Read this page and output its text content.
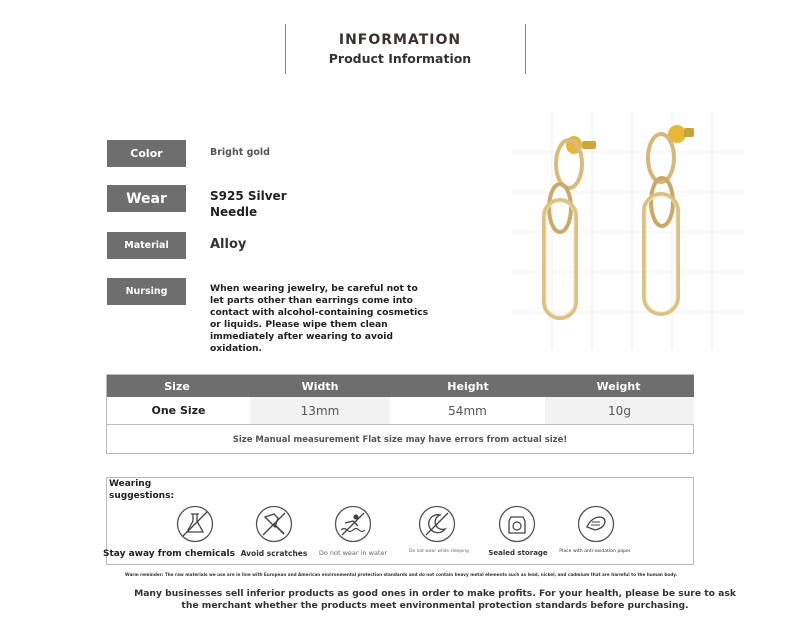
INFORMATION
Product Information
Color	Bright gold
Wear	S925 Silver Needle
Material	Alloy
Nursing	When wearing jewelry, be careful not to let parts other than earrings come into contact with alcohol-containing cosmetics or liquids. Please wipe them clean immediately after wearing to avoid oxidation.
Size	Width	Height	Weight
One Size	13mm	54mm	10g
Size Manual measurement Flat size may have errors from actual size!
Wearing suggestions:
Stay away from chemicals Avoid scratches Do not wear in water	Do not wear while sleeping	Sealed storage	Place with anti-oxidation paper
Warm reminder: The raw materials we use are in line with European and American environmental protection standards and do not contain heavy metal elements such as lead, nickel, and cadmium that are harmful to the human body.
Many businesses sell inferior products as good ones in order to make profits. For your health, please be sure to ask
the merchant whether the products meet environmental protection standards before purchasing.
